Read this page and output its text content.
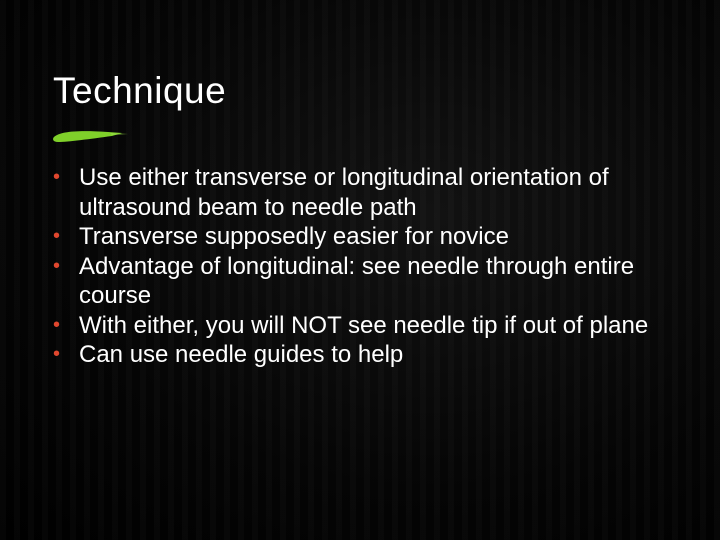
Technique
• Use either transverse or longitudinal orientation of ultrasound beam to needle path
• Transverse supposedly easier for novice
• Advantage of longitudinal: see needle through entire course
• With either, you will NOT see needle tip if out of plane
• Can use needle guides to help
